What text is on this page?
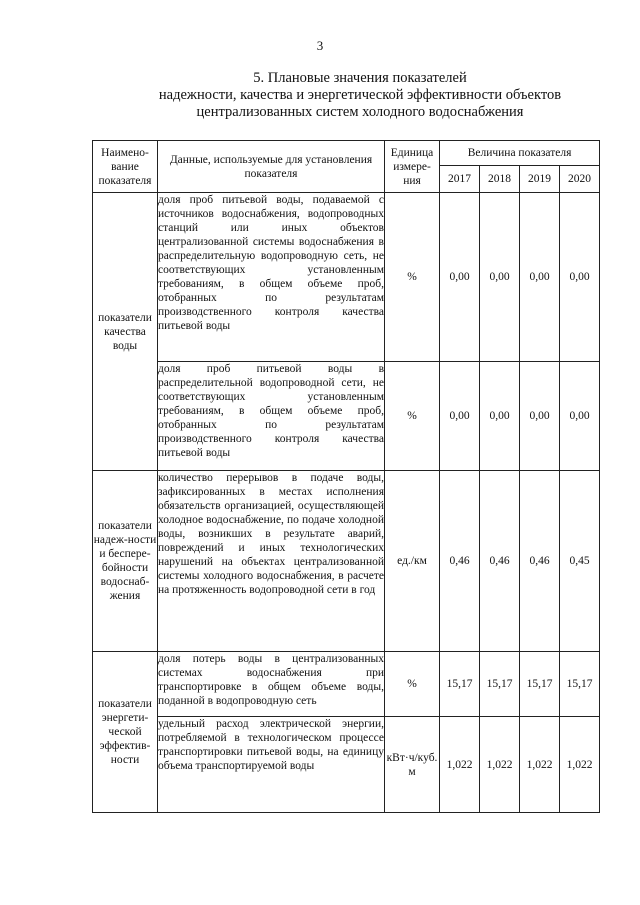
3
5. Плановые значения показателей
надежности, качества и энергетической эффективности объектов
централизованных систем холодного водоснабжения
Наимено-вание показателя	Данные, используемые для установления показателя	Единица измере-ния	Величина показателя			
			2017	2018	2019	2020
показатели качества воды	доля проб питьевой воды, подаваемой с источников водоснабжения, водопроводных станций или иных объектов централизованной системы водоснабжения в распределительную водопроводную сеть, не соответствующих установленным требованиям, в общем объеме проб, отобранных по результатам производственного контроля качества питьевой воды	%	0,00	0,00	0,00	0,00
	доля проб питьевой воды в распределительной водопроводной сети, не соответствующих установленным требованиям, в общем объеме проб, отобранных по результатам производственного контроля качества питьевой воды	%	0,00	0,00	0,00	0,00
показатели надеж-ности и беспере-бойности водоснаб-жения	количество перерывов в подаче воды, зафиксированных в местах исполнения обязательств организацией, осуществляющей холодное водоснабжение, по подаче холодной воды, возникших в результате аварий, повреждений и иных технологических нарушений на объектах централизованной системы холодного водоснабжения, в расчете на протяженность водопроводной сети в год	ед./км	0,46	0,46	0,46	0,45
показатели энергети-ческой эффектив-ности	доля потерь воды в централизованных системах водоснабжения при транспортировке в общем объеме воды, поданной в водопроводную сеть	%	15,17	15,17	15,17	15,17
	удельный расход электрической энергии, потребляемой в технологическом процессе транспортировки питьевой воды, на единицу объема транспортируемой воды	кВт·ч/куб. м	1,022	1,022	1,022	1,022
